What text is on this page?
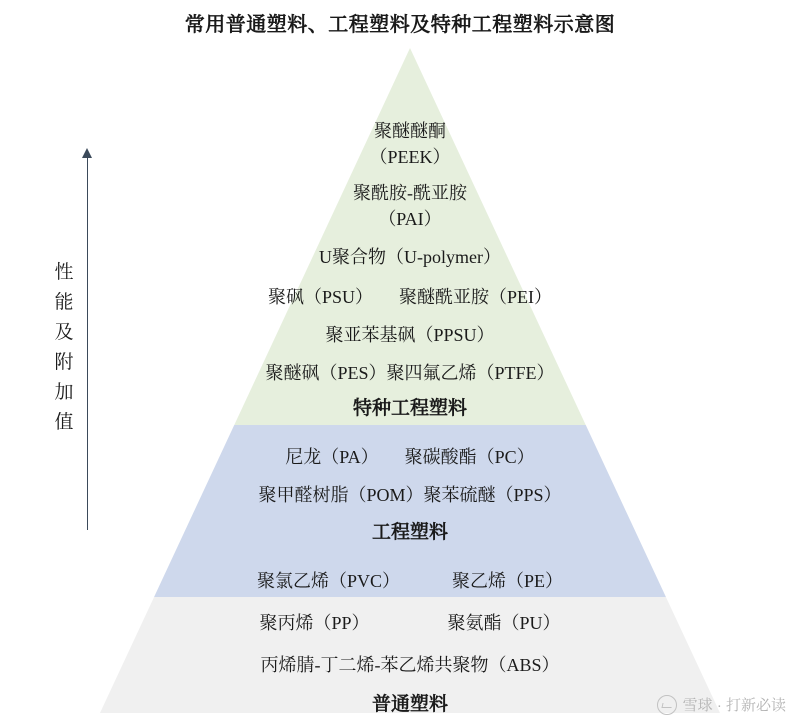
常用普通塑料、工程塑料及特种工程塑料示意图
性
能
及
附
加
值
聚醚醚酮
（PEEK）
聚酰胺-酰亚胺
（PAI）
U聚合物（U-polymer）
聚砜（PSU） 聚醚酰亚胺（PEI）
聚亚苯基砜（PPSU）
聚醚砜（PES）聚四氟乙烯（PTFE）
特种工程塑料
尼龙（PA） 聚碳酸酯（PC）
聚甲醛树脂（POM）聚苯硫醚（PPS）
工程塑料
聚氯乙烯（PVC）	聚乙烯（PE）
聚丙烯（PP）	聚氨酯（PU）
丙烯腈-丁二烯-苯乙烯共聚物（ABS）
普通塑料	雪球 · 打新必读
